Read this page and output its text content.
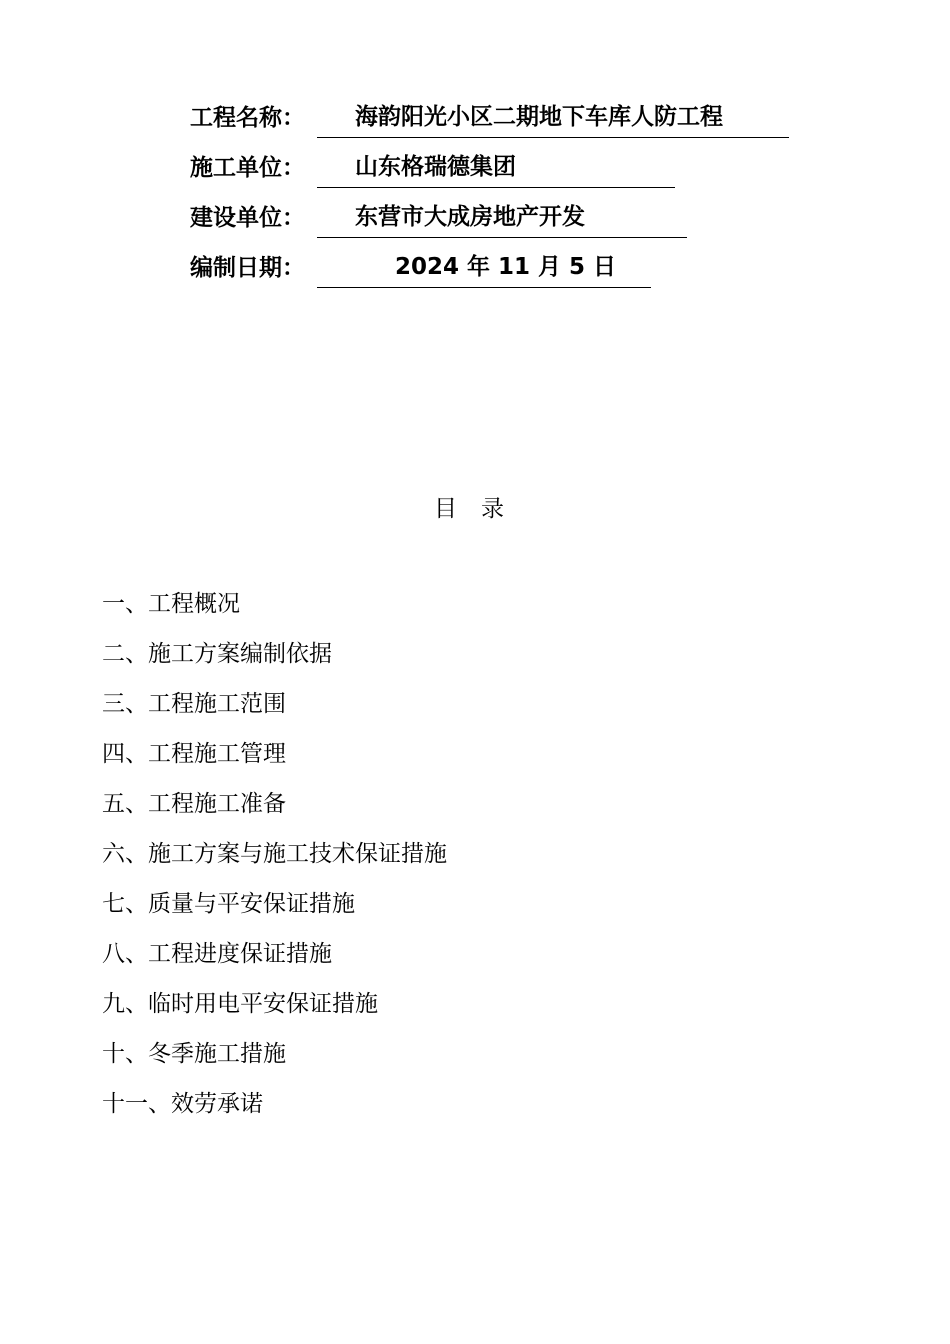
工程名称：	海韵阳光小区二期地下车库人防工程
施工单位：	山东格瑞德集团
建设单位：	东营市大成房地产开发
编制日期：	2024 年 11 月 5 日
目录
一、工程概况
二、施工方案编制依据
三、工程施工范围
四、工程施工管理
五、工程施工准备
六、施工方案与施工技术保证措施
七、质量与平安保证措施
八、工程进度保证措施
九、临时用电平安保证措施
十、冬季施工措施
十一、效劳承诺
